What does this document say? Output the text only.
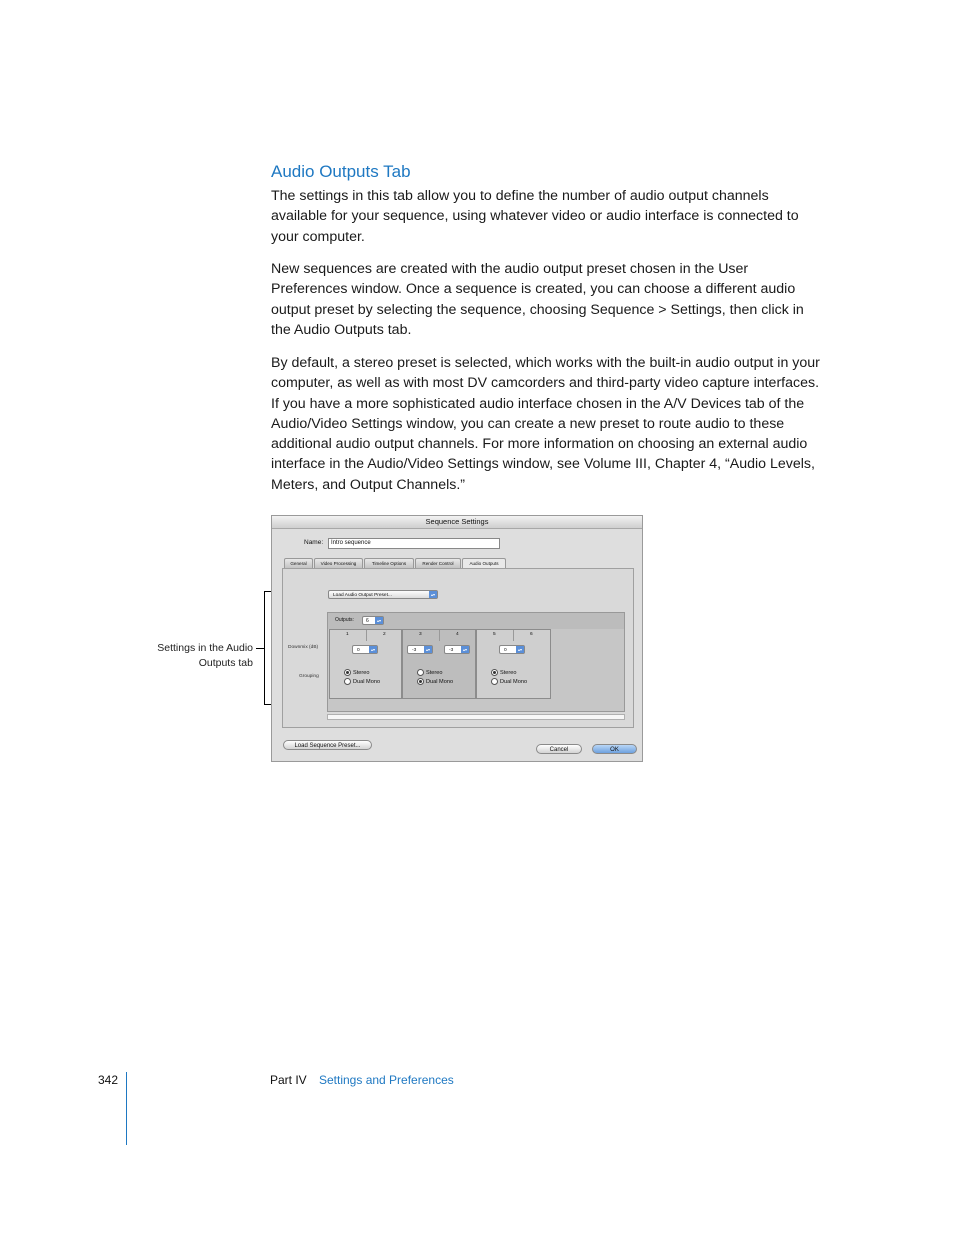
Audio Outputs Tab

The settings in this tab allow you to define the number of audio output channels available for your sequence, using whatever video or audio interface is connected to your computer.

New sequences are created with the audio output preset chosen in the User Preferences window. Once a sequence is created, you can choose a different audio output preset by selecting the sequence, choosing Sequence > Settings, then click in the Audio Outputs tab.

By default, a stereo preset is selected, which works with the built-in audio output in your computer, as well as with most DV camcorders and third-party video capture interfaces. If you have a more sophisticated audio interface chosen in the A/V Devices tab of the Audio/Video Settings window, you can create a new preset to route audio to these additional audio output channels. For more information on choosing an external audio interface in the Audio/Video Settings window, see Volume III, Chapter 4, “Audio Levels, Meters, and Output Channels.”

Settings in the Audio Outputs tab
Sequence Settings
Name:	Intro sequence
General	Video Processing	Timeline Options	Render Control	Audio Outputs
Load Audio Output Preset...	▴▾
Outputs:	6	▴▾
Downmix (dB)
Grouping
1	2
0	▴▾
Stereo
Dual Mono
3	4
-3	▴▾	-3	▴▾
Stereo
Dual Mono
5	6
0	▴▾
Stereo
Dual Mono
Load Sequence Preset...
Cancel	OK
342	Part IV Settings and Preferences
